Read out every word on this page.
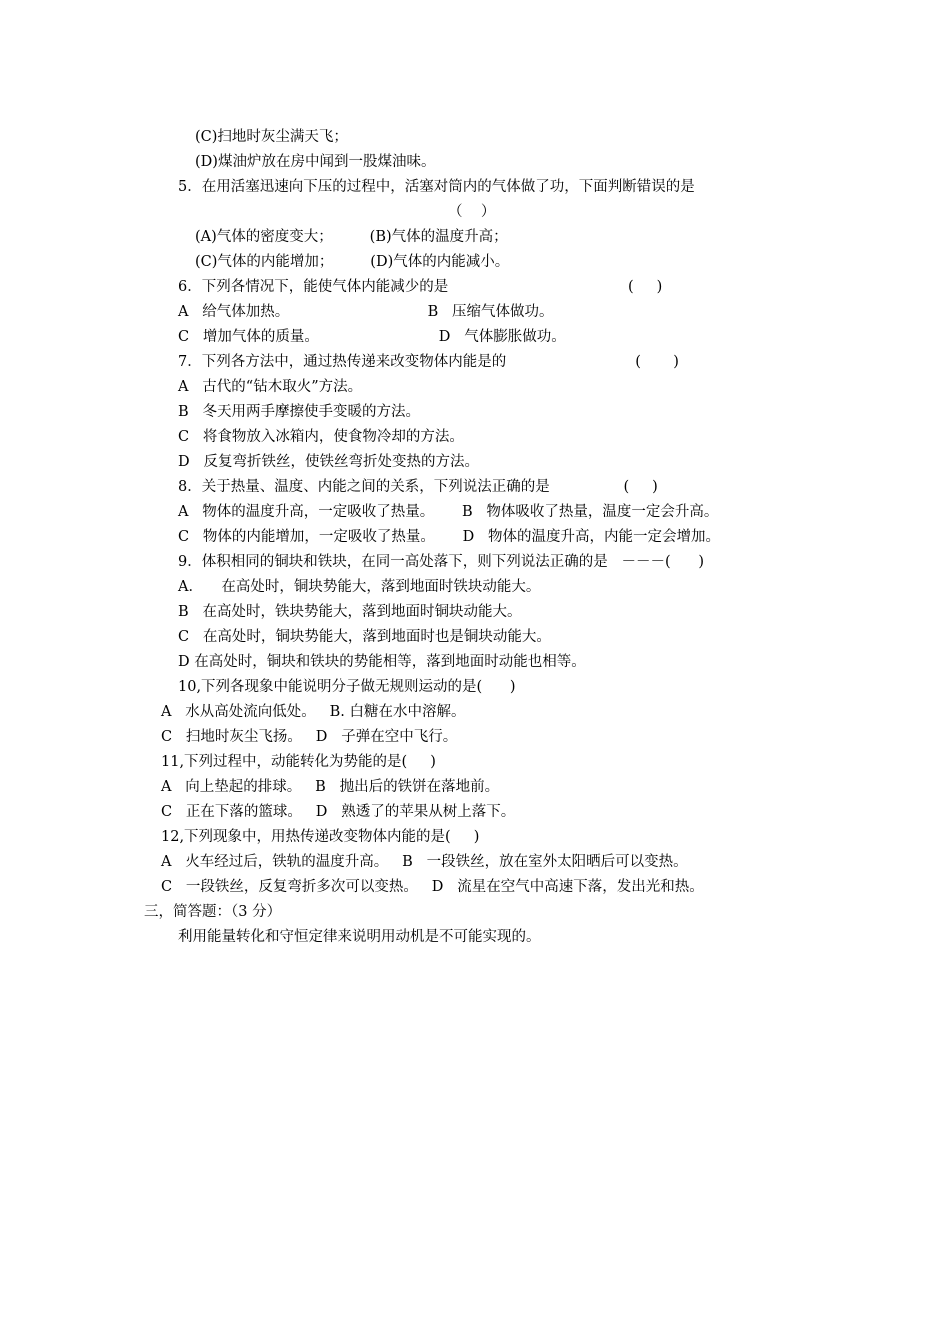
(C)扫地时灰尘满天飞；
(D)煤油炉放在房中闻到一股煤油味。
5．在用活塞迅速向下压的过程中，活塞对筒内的气体做了功，下面判断错误的是
（    ）
(A)气体的密度变大；        (B)气体的温度升高；
(C)气体的内能增加；        (D)气体的内能减小。
6．下列各情况下，能使气体内能减少的是                                       (     )
A   给气体加热。                              B   压缩气体做功。
C   增加气体的质量。                          D   气体膨胀做功。
7．下列各方法中，通过热传递来改变物体内能是的                            (       )
A   古代的“钻木取火”方法。
B   冬天用两手摩擦使手变暖的方法。
C   将食物放入冰箱内，使食物冷却的方法。
D   反复弯折铁丝，使铁丝弯折处变热的方法。
8．关于热量、温度、内能之间的关系，下列说法正确的是                (     )
A   物体的温度升高，一定吸收了热量。      B   物体吸收了热量，温度一定会升高。
C   物体的内能增加，一定吸收了热量。      D   物体的温度升高，内能一定会增加。
9．体积相同的铜块和铁块，在同一高处落下，则下列说法正确的是   －－－(      )
A．    在高处时，铜块势能大，落到地面时铁块动能大。
B   在高处时，铁块势能大，落到地面时铜块动能大。
C   在高处时，铜块势能大，落到地面时也是铜块动能大。
D 在高处时，铜块和铁块的势能相等，落到地面时动能也相等。
10,下列各现象中能说明分子做无规则运动的是(      )
A   水从高处流向低处。   B. 白糖在水中溶解。
C   扫地时灰尘飞扬。   D   子弹在空中飞行。
11,下列过程中，动能转化为势能的是(     )
A   向上垫起的排球。   B   抛出后的铁饼在落地前。
C   正在下落的篮球。   D   熟透了的苹果从树上落下。
12,下列现象中，用热传递改变物体内能的是(     )
A   火车经过后，铁轨的温度升高。   B   一段铁丝，放在室外太阳晒后可以变热。
C   一段铁丝，反复弯折多次可以变热。   D   流星在空气中高速下落，发出光和热。
三，简答题：（3 分）
利用能量转化和守恒定律来说明用动机是不可能实现的。
